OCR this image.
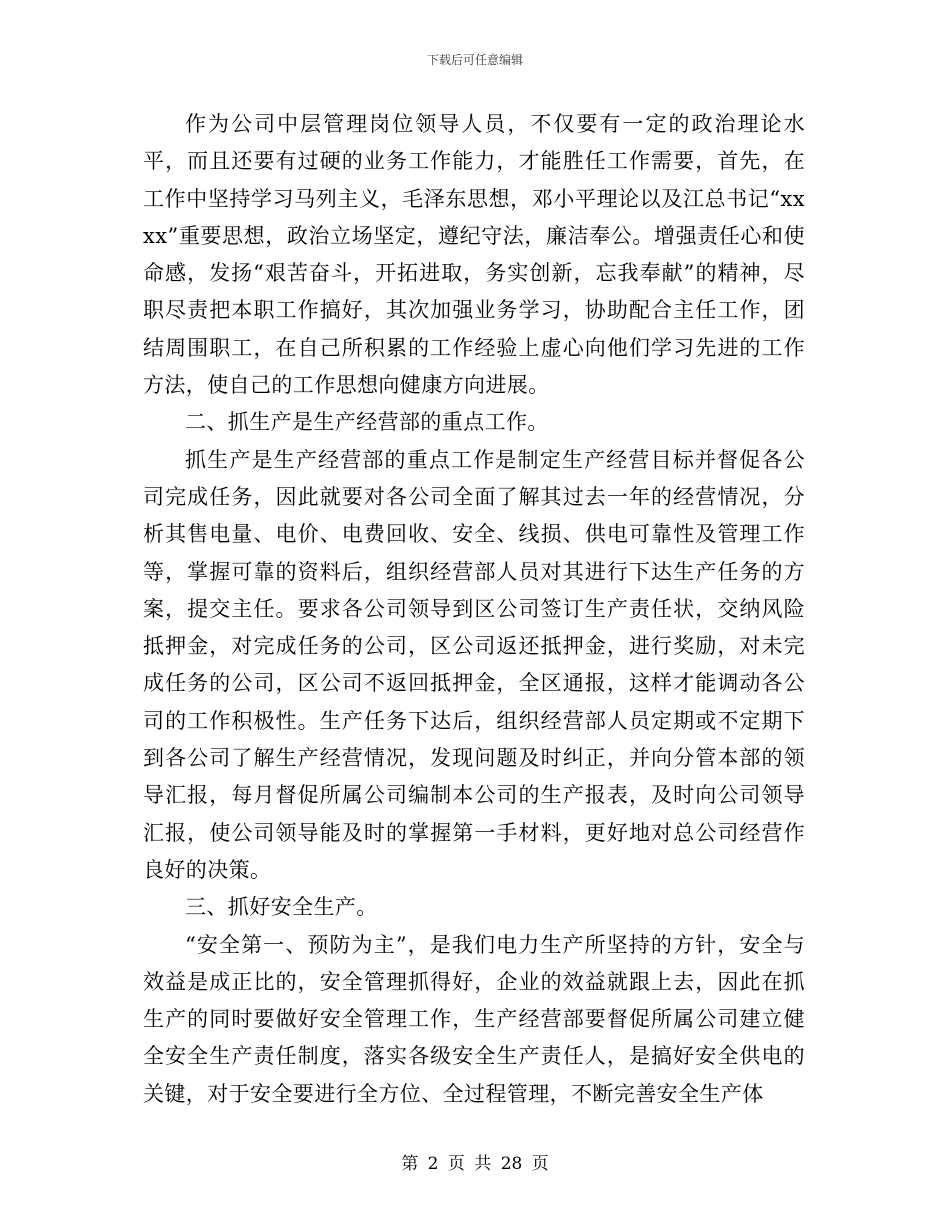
下载后可任意编辑

作为公司中层管理岗位领导人员，不仅要有一定的政治理论水平，而且还要有过硬的业务工作能力，才能胜任工作需要，首先，在工作中坚持学习马列主义，毛泽东思想，邓小平理论以及江总书记“xxxx”重要思想，政治立场坚定，遵纪守法，廉洁奉公。增强责任心和使命感，发扬“艰苦奋斗，开拓进取，务实创新，忘我奉献”的精神，尽职尽责把本职工作搞好，其次加强业务学习，协助配合主任工作，团结周围职工，在自己所积累的工作经验上虚心向他们学习先进的工作方法，使自己的工作思想向健康方向进展。

二、抓生产是生产经营部的重点工作。

抓生产是生产经营部的重点工作是制定生产经营目标并督促各公司完成任务，因此就要对各公司全面了解其过去一年的经营情况，分析其售电量、电价、电费回收、安全、线损、供电可靠性及管理工作等，掌握可靠的资料后，组织经营部人员对其进行下达生产任务的方案，提交主任。要求各公司领导到区公司签订生产责任状，交纳风险抵押金，对完成任务的公司，区公司返还抵押金，进行奖励，对未完成任务的公司，区公司不返回抵押金，全区通报，这样才能调动各公司的工作积极性。生产任务下达后，组织经营部人员定期或不定期下到各公司了解生产经营情况，发现问题及时纠正，并向分管本部的领导汇报，每月督促所属公司编制本公司的生产报表，及时向公司领导汇报，使公司领导能及时的掌握第一手材料，更好地对总公司经营作良好的决策。

三、抓好安全生产。

“安全第一、预防为主”，是我们电力生产所坚持的方针，安全与效益是成正比的，安全管理抓得好，企业的效益就跟上去，因此在抓生产的同时要做好安全管理工作，生产经营部要督促所属公司建立健全安全生产责任制度，落实各级安全生产责任人，是搞好安全供电的关键，对于安全要进行全方位、全过程管理，不断完善安全生产体

第 2 页 共 28 页
